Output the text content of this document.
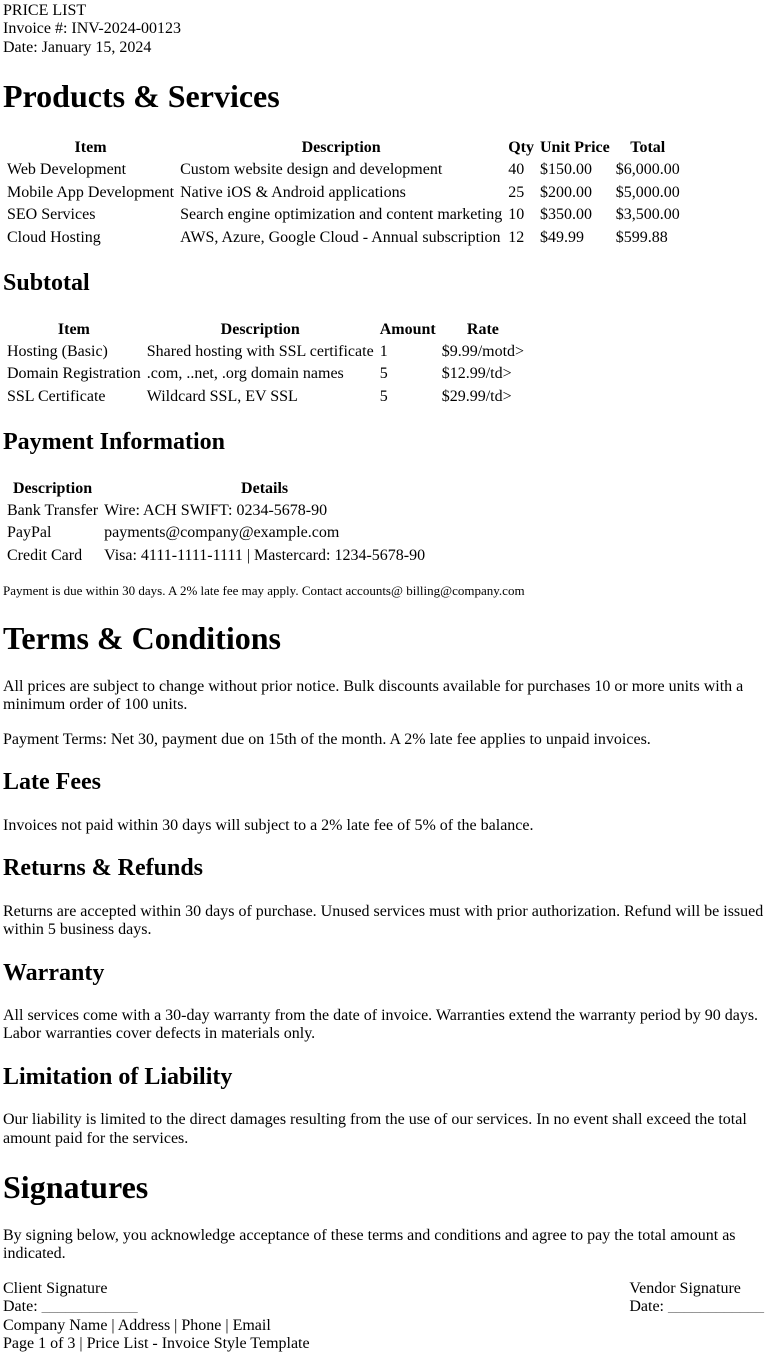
PRICE LIST
Invoice #: INV-2024-00123
Date: January 15, 2024
Products & Services
Item	Description	Qty	Unit Price	Total
Web Development	Custom website design and development	40	$150.00	$6,000.00
Mobile App Development	Native iOS & Android applications	25	$200.00	$5,000.00
SEO Services	Search engine optimization and content marketing	10	$350.00	$3,500.00
Cloud Hosting	AWS, Azure, Google Cloud - Annual subscription	12	$49.99	$599.88
Subtotal
Item	Description	Amount	Rate
Hosting (Basic)	Shared hosting with SSL certificate	1	$9.99/motd>
Domain Registration	.com, ..net, .org domain names	5	$12.99/td>
SSL Certificate	Wildcard SSL, EV SSL	5	$29.99/td>
Payment Information
Description	Details
Bank Transfer	Wire: ACH SWIFT: 0234-5678-90
PayPal	payments@company@example.com
Credit Card	Visa: 4111-1111-1111 | Mastercard: 1234-5678-90

Payment is due within 30 days. A 2% late fee may apply. Contact accounts@ billing@company.com

Terms & Conditions

All prices are subject to change without prior notice. Bulk discounts available for purchases 10 or more units with a minimum order of 100 units.

Payment Terms: Net 30, payment due on 15th of the month. A 2% late fee applies to unpaid invoices.

Late Fees

Invoices not paid within 30 days will subject to a 2% late fee of 5% of the balance.

Returns & Refunds

Returns are accepted within 30 days of purchase. Unused services must with prior authorization. Refund will be issued within 5 business days.

Warranty

All services come with a 30-day warranty from the date of invoice. Warranties extend the warranty period by 90 days. Labor warranties cover defects in materials only.

Limitation of Liability

Our liability is limited to the direct damages resulting from the use of our services. In no event shall exceed the total amount paid for the services.

Signatures

By signing below, you acknowledge acceptance of these terms and conditions and agree to pay the total amount as indicated.

Client Signature
Date: ____________
Vendor Signature
Date: ____________
Company Name | Address | Phone | Email
Page 1 of 3 | Price List - Invoice Style Template
